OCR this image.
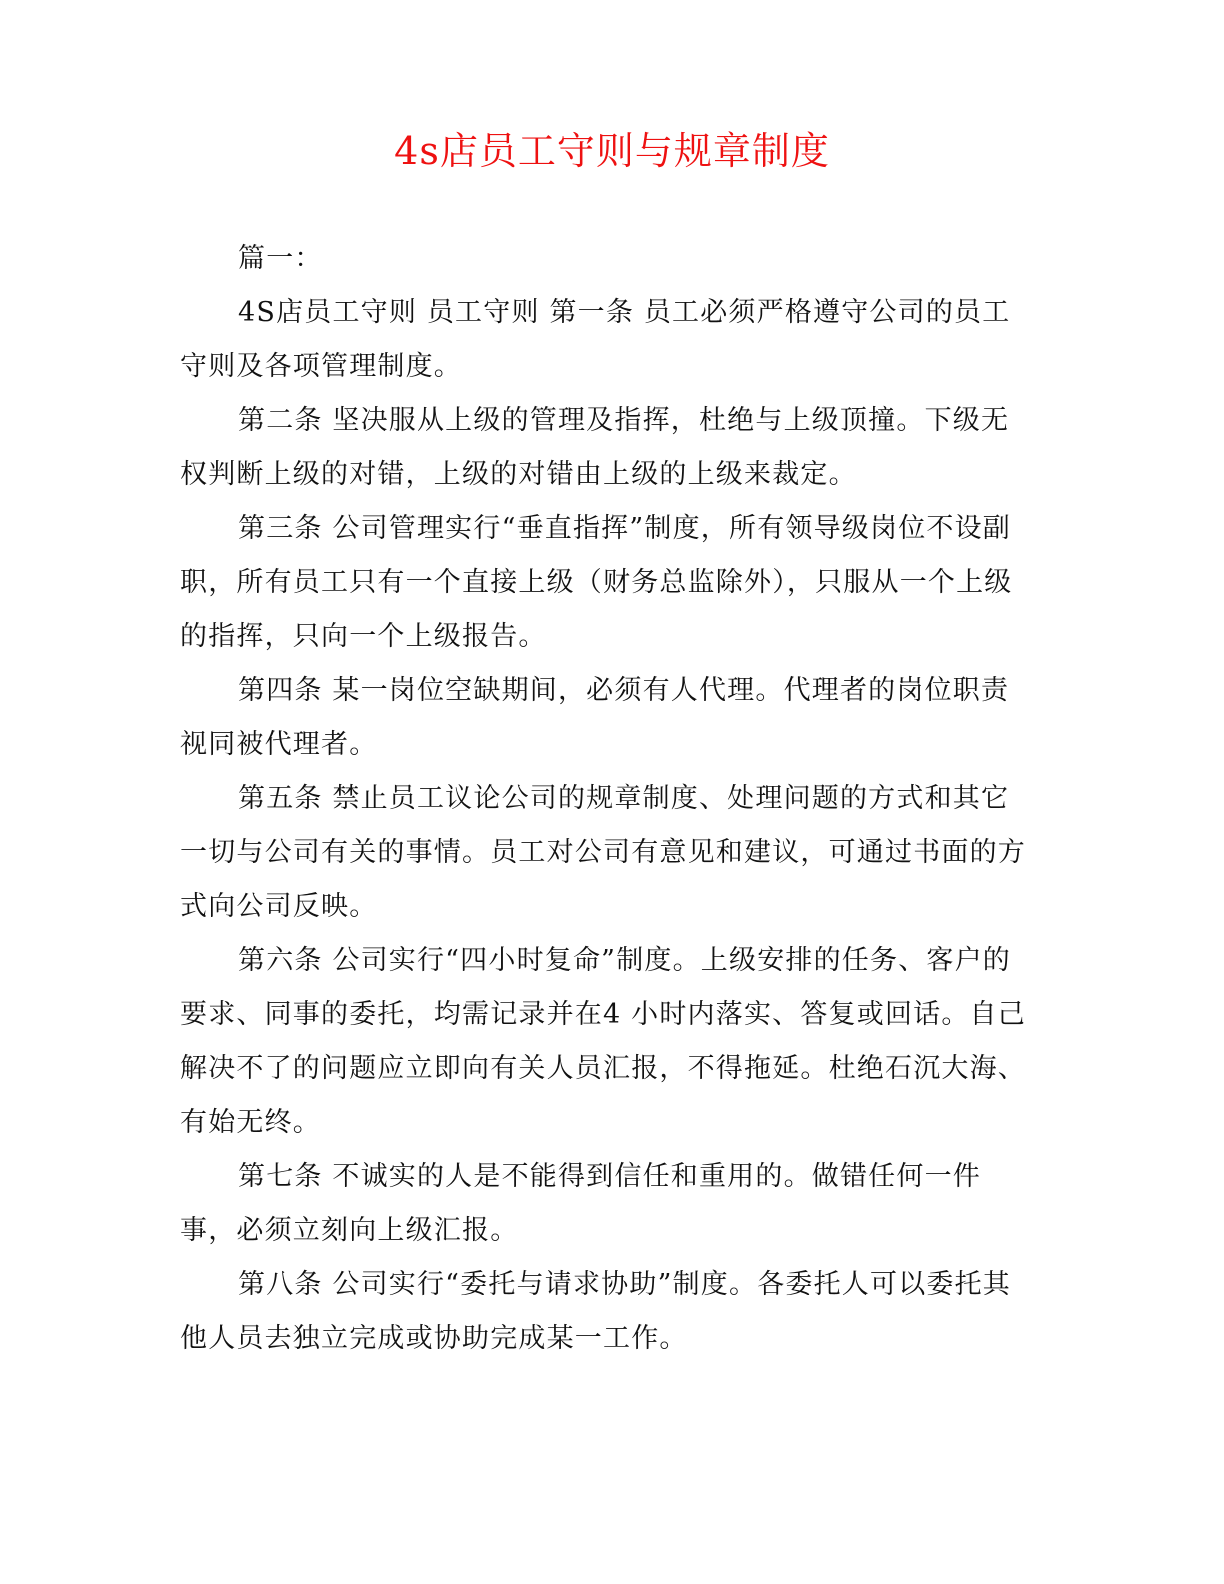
4s店员工守则与规章制度

篇一：

4S店员工守则 员工守则 第一条 员工必须严格遵守公司的员工守则及各项管理制度。

第二条 坚决服从上级的管理及指挥，杜绝与上级顶撞。下级无权判断上级的对错，上级的对错由上级的上级来裁定。

第三条 公司管理实行“垂直指挥”制度，所有领导级岗位不设副职，所有员工只有一个直接上级（财务总监除外），只服从一个上级的指挥，只向一个上级报告。

第四条 某一岗位空缺期间，必须有人代理。代理者的岗位职责视同被代理者。

第五条 禁止员工议论公司的规章制度、处理问题的方式和其它一切与公司有关的事情。员工对公司有意见和建议，可通过书面的方式向公司反映。

第六条 公司实行“四小时复命”制度。上级安排的任务、客户的要求、同事的委托，均需记录并在4 小时内落实、答复或回话。自己解决不了的问题应立即向有关人员汇报，不得拖延。杜绝石沉大海、有始无终。

第七条 不诚实的人是不能得到信任和重用的。做错任何一件事，必须立刻向上级汇报。

第八条 公司实行“委托与请求协助”制度。各委托人可以委托其他人员去独立完成或协助完成某一工作。
